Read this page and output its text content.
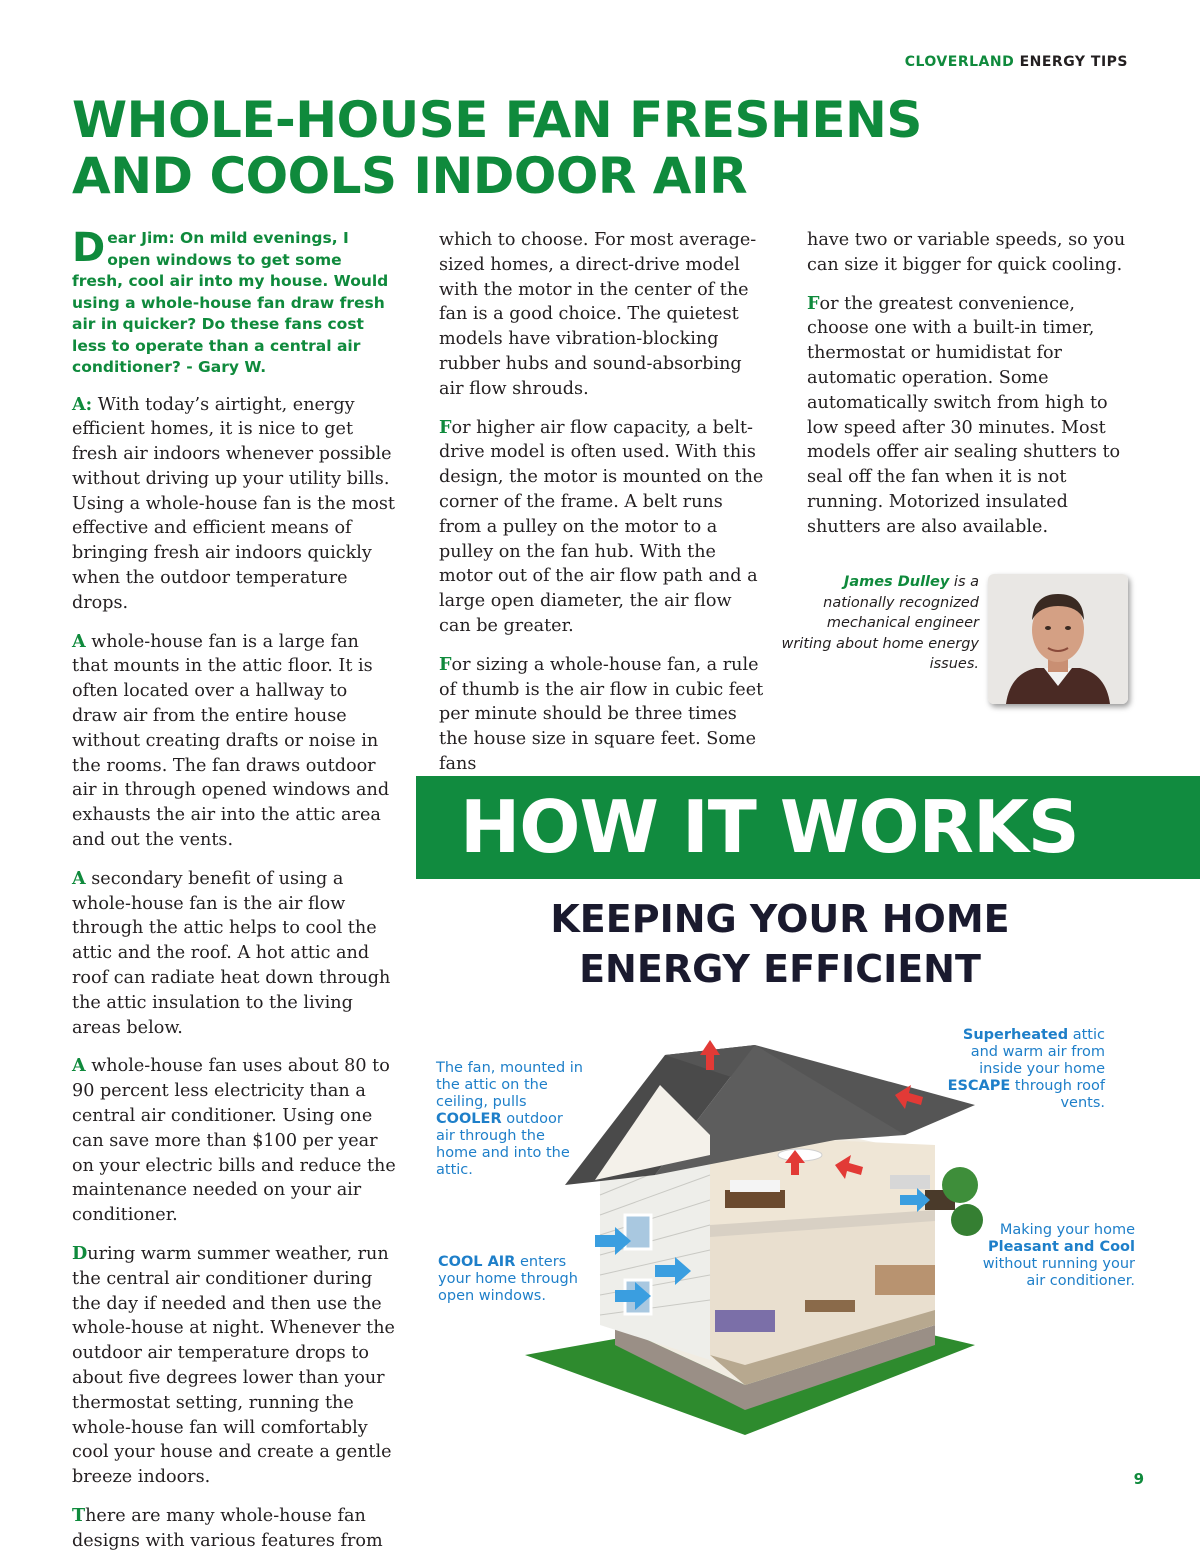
CLOVERLAND ENERGY TIPS
WHOLE-HOUSE FAN FRESHENS AND COOLS INDOOR AIR

Dear Jim: On mild evenings, I open windows to get some fresh, cool air into my house. Would using a whole-house fan draw fresh air in quicker? Do these fans cost less to operate than a central air conditioner? - Gary W.

A: With today’s airtight, energy efficient homes, it is nice to get fresh air indoors whenever possible without driving up your utility bills. Using a whole-house fan is the most effective and efficient means of bringing fresh air indoors quickly when the outdoor temperature drops.

A whole-house fan is a large fan that mounts in the attic floor. It is often located over a hallway to draw air from the entire house without creating drafts or noise in the rooms. The fan draws outdoor air in through opened windows and exhausts the air into the attic area and out the vents.

A secondary benefit of using a whole-house fan is the air flow through the attic helps to cool the attic and the roof. A hot attic and roof can radiate heat down through the attic insulation to the living areas below.

A whole-house fan uses about 80 to 90 percent less electricity than a central air conditioner. Using one can save more than $100 per year on your electric bills and reduce the maintenance needed on your air conditioner.

During warm summer weather, run the central air conditioner during the day if needed and then use the whole-house at night. Whenever the outdoor air temperature drops to about five degrees lower than your thermostat setting, running the whole-house fan will comfortably cool your house and create a gentle breeze indoors.

There are many whole-house fan designs with various features from

which to choose. For most average-sized homes, a direct-drive model with the motor in the center of the fan is a good choice. The quietest models have vibration-blocking rubber hubs and sound-absorbing air flow shrouds.

For higher air flow capacity, a belt-drive model is often used. With this design, the motor is mounted on the corner of the frame. A belt runs from a pulley on the motor to a pulley on the fan hub. With the motor out of the air flow path and a large open diameter, the air flow can be greater.

For sizing a whole-house fan, a rule of thumb is the air flow in cubic feet per minute should be three times the house size in square feet. Some fans

have two or variable speeds, so you can size it bigger for quick cooling.

For the greatest convenience, choose one with a built-in timer, thermostat or humidistat for automatic operation. Some automatically switch from high to low speed after 30 minutes. Most models offer air sealing shutters to seal off the fan when it is not running. Motorized insulated shutters are also available.

James Dulley is a nationally recognized mechanical engineer writing about home energy issues.
HOW IT WORKS
KEEPING YOUR HOME
ENERGY EFFICIENT
The fan, mounted in the attic on the ceiling, pulls COOLER outdoor air through the home and into the attic.
COOL AIR enters your home through open windows.
Superheated attic and warm air from inside your home ESCAPE through roof vents.
Making your home Pleasant and Cool without running your air conditioner.
9
